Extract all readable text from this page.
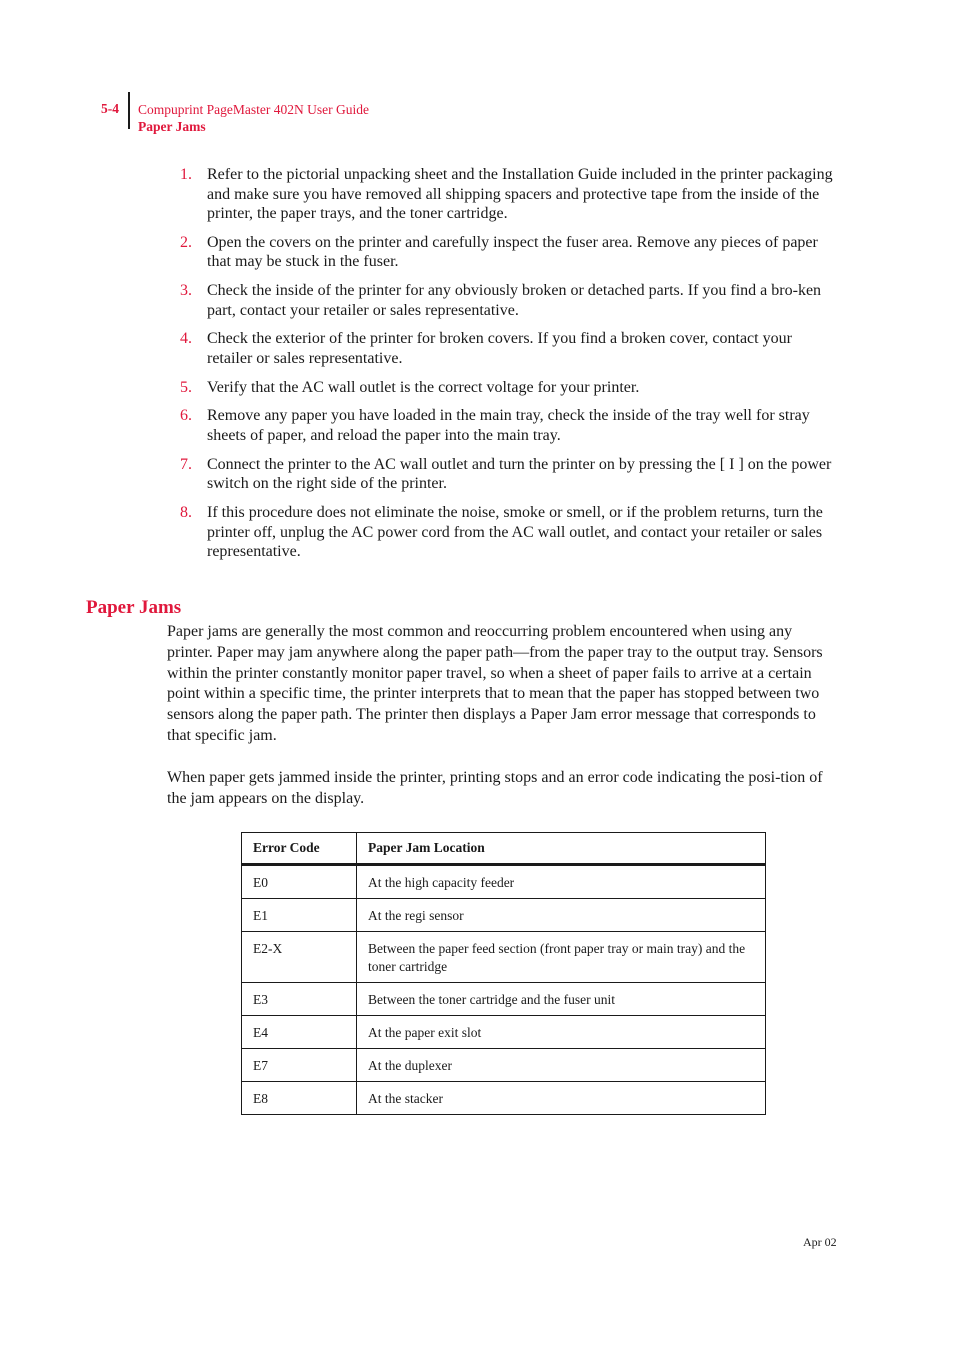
5-4 Compuprint PageMaster 402N User Guide
Paper Jams
1. Refer to the pictorial unpacking sheet and the Installation Guide included in the printer packaging and make sure you have removed all shipping spacers and protective tape from the inside of the printer, the paper trays, and the toner cartridge.
2. Open the covers on the printer and carefully inspect the fuser area. Remove any pieces of paper that may be stuck in the fuser.
3. Check the inside of the printer for any obviously broken or detached parts. If you find a bro-ken part, contact your retailer or sales representative.
4. Check the exterior of the printer for broken covers. If you find a broken cover, contact your retailer or sales representative.
5. Verify that the AC wall outlet is the correct voltage for your printer.
6. Remove any paper you have loaded in the main tray, check the inside of the tray well for stray sheets of paper, and reload the paper into the main tray.
7. Connect the printer to the AC wall outlet and turn the printer on by pressing the [ I ] on the power switch on the right side of the printer.
8. If this procedure does not eliminate the noise, smoke or smell, or if the problem returns, turn the printer off, unplug the AC power cord from the AC wall outlet, and contact your retailer or sales representative.
Paper Jams

Paper jams are generally the most common and reoccurring problem encountered when using any printer. Paper may jam anywhere along the paper path—from the paper tray to the output tray. Sensors within the printer constantly monitor paper travel, so when a sheet of paper fails to arrive at a certain point within a specific time, the printer interprets that to mean that the paper has stopped between two sensors along the paper path. The printer then displays a Paper Jam error message that corresponds to that specific jam.

When paper gets jammed inside the printer, printing stops and an error code indicating the posi-tion of the jam appears on the display.

Error Code	Paper Jam Location
E0	At the high capacity feeder
E1	At the regi sensor
E2-X	Between the paper feed section (front paper tray or main tray) and the toner cartridge
E3	Between the toner cartridge and the fuser unit
E4	At the paper exit slot
E7	At the duplexer
E8	At the stacker
Apr 02
